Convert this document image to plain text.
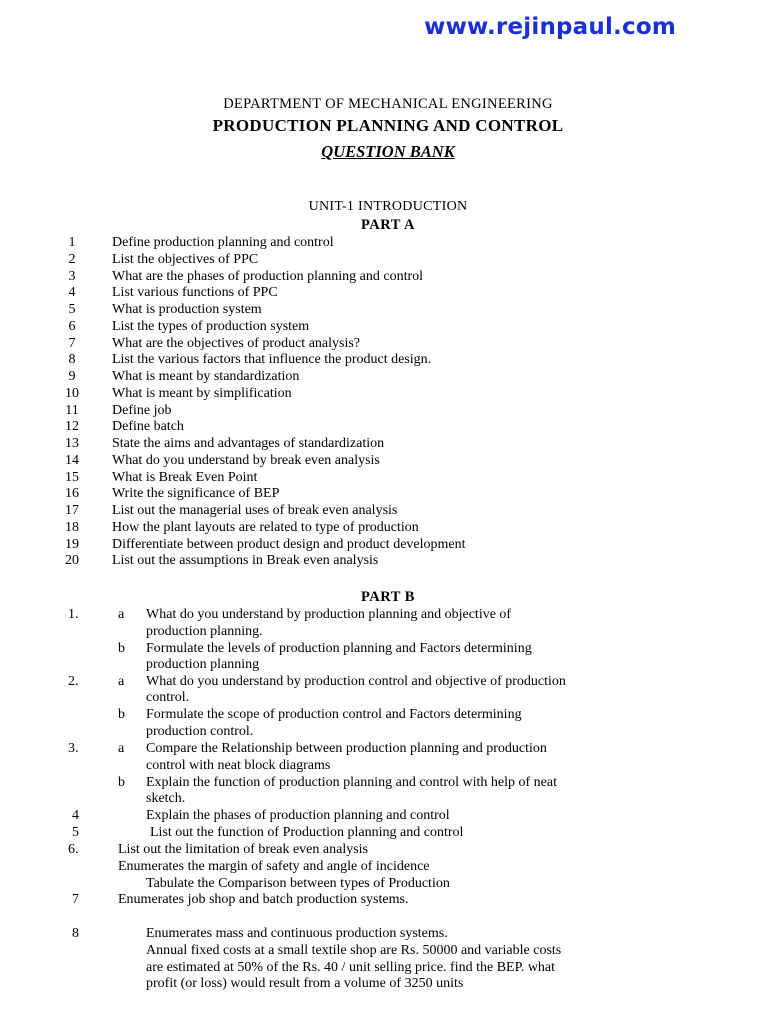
www.rejinpaul.com
DEPARTMENT OF MECHANICAL ENGINEERING
PRODUCTION PLANNING AND CONTROL
QUESTION BANK
UNIT-1 INTRODUCTION
PART A
1	Define production planning and control
2	List the objectives of PPC
3	What are the phases of production planning and control
4	List various functions of PPC
5	What is production system
6	List the types of production system
7	What are the objectives of product analysis?
8	List the various factors that influence the product design.
9	What is meant by standardization
10 What is meant by simplification
11 Define job
12 Define batch
13 State the aims and advantages of standardization
14 What do you understand by break even analysis
15 What is Break Even Point
16 Write the significance of BEP
17 List out the managerial uses of break even analysis
18 How the plant layouts are related to type of production
19 Differentiate between product design and product development
20 List out the assumptions in Break even analysis
PART B
1.	a What do you understand by production planning and objective of
production planning.
b Formulate the levels of production planning and Factors determining
production planning
2.	a What do you understand by production control and objective of production
control.
b Formulate the scope of production control and Factors determining
production control.
3.	a Compare the Relationship between production planning and production
control with neat block diagrams
b Explain the function of production planning and control with help of neat
sketch.
4	Explain the phases of production planning and control
5	List out the function of Production planning and control
6.	List out the limitation of break even analysis
Enumerates the margin of safety and angle of incidence
Tabulate the Comparison between types of Production
7	Enumerates job shop and batch production systems.
8	Enumerates mass and continuous production systems.
Annual fixed costs at a small textile shop are Rs. 50000 and variable costs
are estimated at 50% of the Rs. 40 / unit selling price. find the BEP. what
profit (or loss) would result from a volume of 3250 units
